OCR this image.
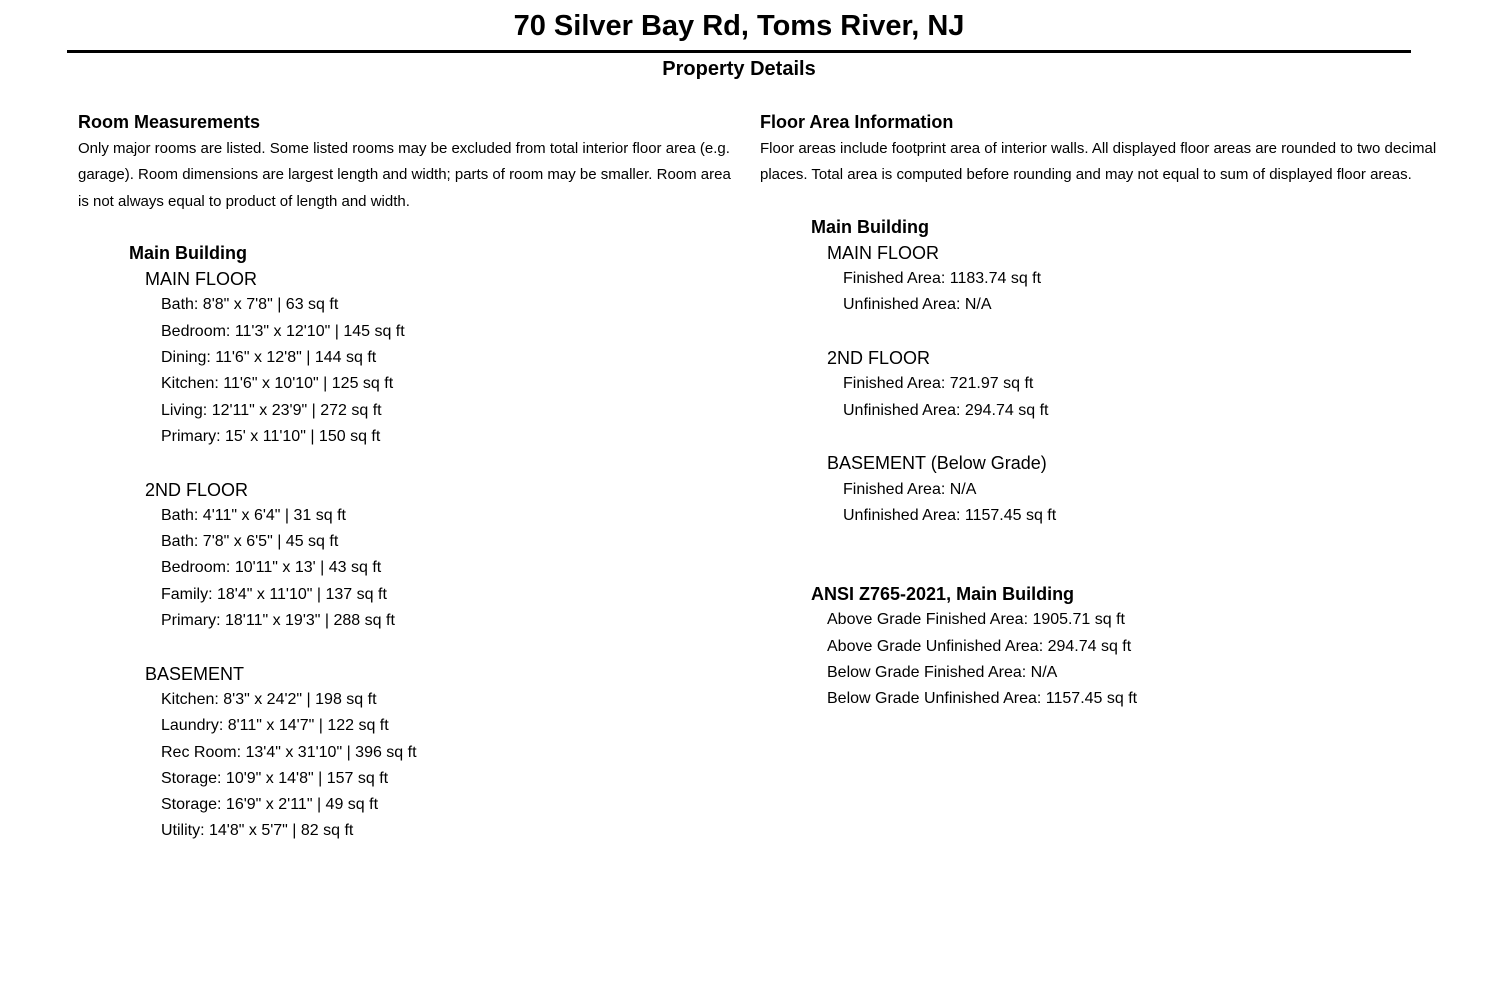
70 Silver Bay Rd, Toms River, NJ
Property Details
Room Measurements
Only major rooms are listed. Some listed rooms may be excluded from total interior floor area (e.g. garage). Room dimensions are largest length and width; parts of room may be smaller. Room area is not always equal to product of length and width.
Main Building
MAIN FLOOR
Bath: 8'8" x 7'8" | 63 sq ft
Bedroom: 11'3" x 12'10" | 145 sq ft
Dining: 11'6" x 12'8" | 144 sq ft
Kitchen: 11'6" x 10'10" | 125 sq ft
Living: 12'11" x 23'9" | 272 sq ft
Primary: 15' x 11'10" | 150 sq ft
2ND FLOOR
Bath: 4'11" x 6'4" | 31 sq ft
Bath: 7'8" x 6'5" | 45 sq ft
Bedroom: 10'11" x 13' | 43 sq ft
Family: 18'4" x 11'10" | 137 sq ft
Primary: 18'11" x 19'3" | 288 sq ft
BASEMENT
Kitchen: 8'3" x 24'2" | 198 sq ft
Laundry: 8'11" x 14'7" | 122 sq ft
Rec Room: 13'4" x 31'10" | 396 sq ft
Storage: 10'9" x 14'8" | 157 sq ft
Storage: 16'9" x 2'11" | 49 sq ft
Utility: 14'8" x 5'7" | 82 sq ft
Floor Area Information
Floor areas include footprint area of interior walls. All displayed floor areas are rounded to two decimal places. Total area is computed before rounding and may not equal to sum of displayed floor areas.
Main Building
MAIN FLOOR
Finished Area: 1183.74 sq ft
Unfinished Area: N/A
2ND FLOOR
Finished Area: 721.97 sq ft
Unfinished Area: 294.74 sq ft
BASEMENT (Below Grade)
Finished Area: N/A
Unfinished Area: 1157.45 sq ft
ANSI Z765-2021, Main Building
Above Grade Finished Area: 1905.71 sq ft
Above Grade Unfinished Area: 294.74 sq ft
Below Grade Finished Area: N/A
Below Grade Unfinished Area: 1157.45 sq ft
